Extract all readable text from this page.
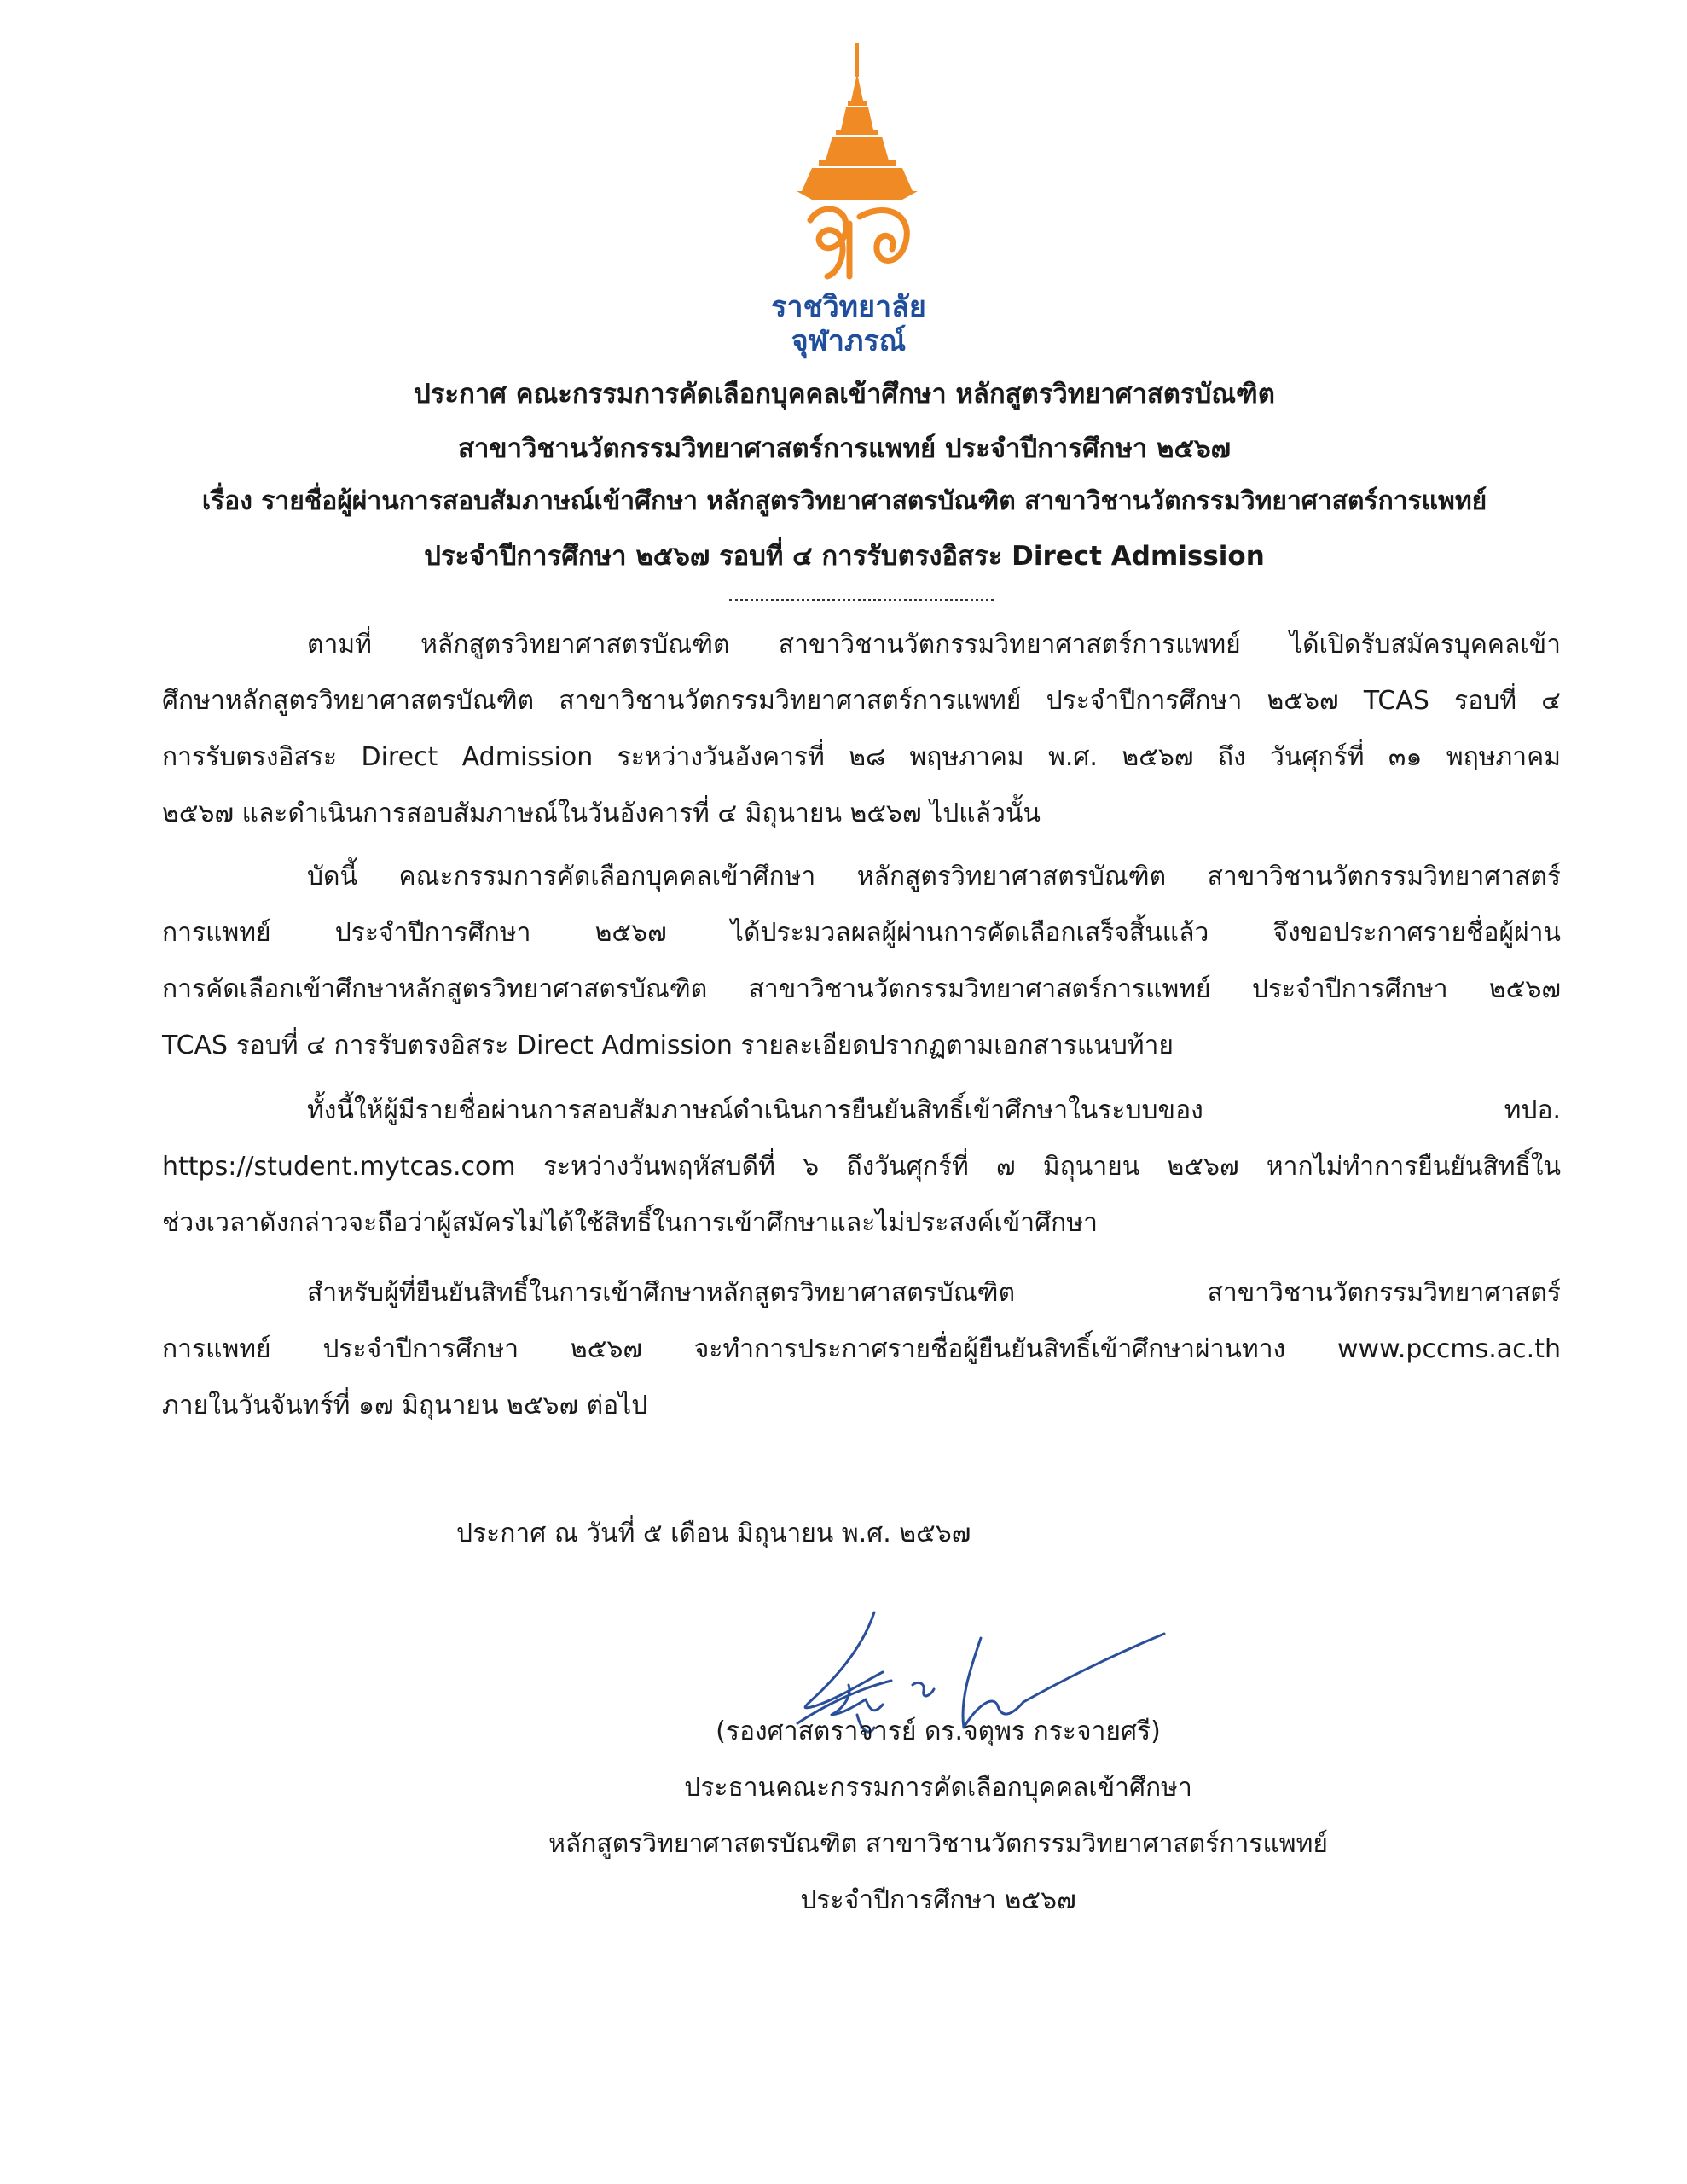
ราชวิทยาลัย
จุฬาภรณ์
ประกาศ คณะกรรมการคัดเลือกบุคคลเข้าศึกษา หลักสูตรวิทยาศาสตรบัณฑิต
สาขาวิชานวัตกรรมวิทยาศาสตร์การแพทย์ ประจำปีการศึกษา ๒๕๖๗
เรื่อง รายชื่อผู้ผ่านการสอบสัมภาษณ์เข้าศึกษา หลักสูตรวิทยาศาสตรบัณฑิต สาขาวิชานวัตกรรมวิทยาศาสตร์การแพทย์
ประจำปีการศึกษา ๒๕๖๗ รอบที่ ๔ การรับตรงอิสระ Direct Admission
ตามที่ หลักสูตรวิทยาศาสตรบัณฑิต สาขาวิชานวัตกรรมวิทยาศาสตร์การแพทย์ ได้เปิดรับสมัครบุคคลเข้า
ศึกษาหลักสูตรวิทยาศาสตรบัณฑิต สาขาวิชานวัตกรรมวิทยาศาสตร์การแพทย์ ประจำปีการศึกษา ๒๕๖๗ TCAS รอบที่ ๔
การรับตรงอิสระ Direct Admission ระหว่างวันอังคารที่ ๒๘ พฤษภาคม พ.ศ. ๒๕๖๗ ถึง วันศุกร์ที่ ๓๑ พฤษภาคม
๒๕๖๗ และดำเนินการสอบสัมภาษณ์ในวันอังคารที่ ๔ มิถุนายน ๒๕๖๗ ไปแล้วนั้น
บัดนี้ คณะกรรมการคัดเลือกบุคคลเข้าศึกษา หลักสูตรวิทยาศาสตรบัณฑิต สาขาวิชานวัตกรรมวิทยาศาสตร์
การแพทย์ ประจำปีการศึกษา ๒๕๖๗ ได้ประมวลผลผู้ผ่านการคัดเลือกเสร็จสิ้นแล้ว จึงขอประกาศรายชื่อผู้ผ่าน
การคัดเลือกเข้าศึกษาหลักสูตรวิทยาศาสตรบัณฑิต สาขาวิชานวัตกรรมวิทยาศาสตร์การแพทย์ ประจำปีการศึกษา ๒๕๖๗
TCAS รอบที่ ๔ การรับตรงอิสระ Direct Admission รายละเอียดปรากฏตามเอกสารแนบท้าย
ทั้งนี้ให้ผู้มีรายชื่อผ่านการสอบสัมภาษณ์ดำเนินการยืนยันสิทธิ์เข้าศึกษาในระบบของ ทปอ.
https://student.mytcas.com ระหว่างวันพฤหัสบดีที่ ๖ ถึงวันศุกร์ที่ ๗ มิถุนายน ๒๕๖๗ หากไม่ทำการยืนยันสิทธิ์ใน
ช่วงเวลาดังกล่าวจะถือว่าผู้สมัครไม่ได้ใช้สิทธิ์ในการเข้าศึกษาและไม่ประสงค์เข้าศึกษา
สำหรับผู้ที่ยืนยันสิทธิ์ในการเข้าศึกษาหลักสูตรวิทยาศาสตรบัณฑิต สาขาวิชานวัตกรรมวิทยาศาสตร์
การแพทย์ ประจำปีการศึกษา ๒๕๖๗ จะทำการประกาศรายชื่อผู้ยืนยันสิทธิ์เข้าศึกษาผ่านทาง www.pccms.ac.th
ภายในวันจันทร์ที่ ๑๗ มิถุนายน ๒๕๖๗ ต่อไป
ประกาศ ณ วันที่ ๕ เดือน มิถุนายน พ.ศ. ๒๕๖๗
(รองศาสตราจารย์ ดร.จตุพร กระจายศรี)
ประธานคณะกรรมการคัดเลือกบุคคลเข้าศึกษา
หลักสูตรวิทยาศาสตรบัณฑิต สาขาวิชานวัตกรรมวิทยาศาสตร์การแพทย์
ประจำปีการศึกษา ๒๕๖๗
